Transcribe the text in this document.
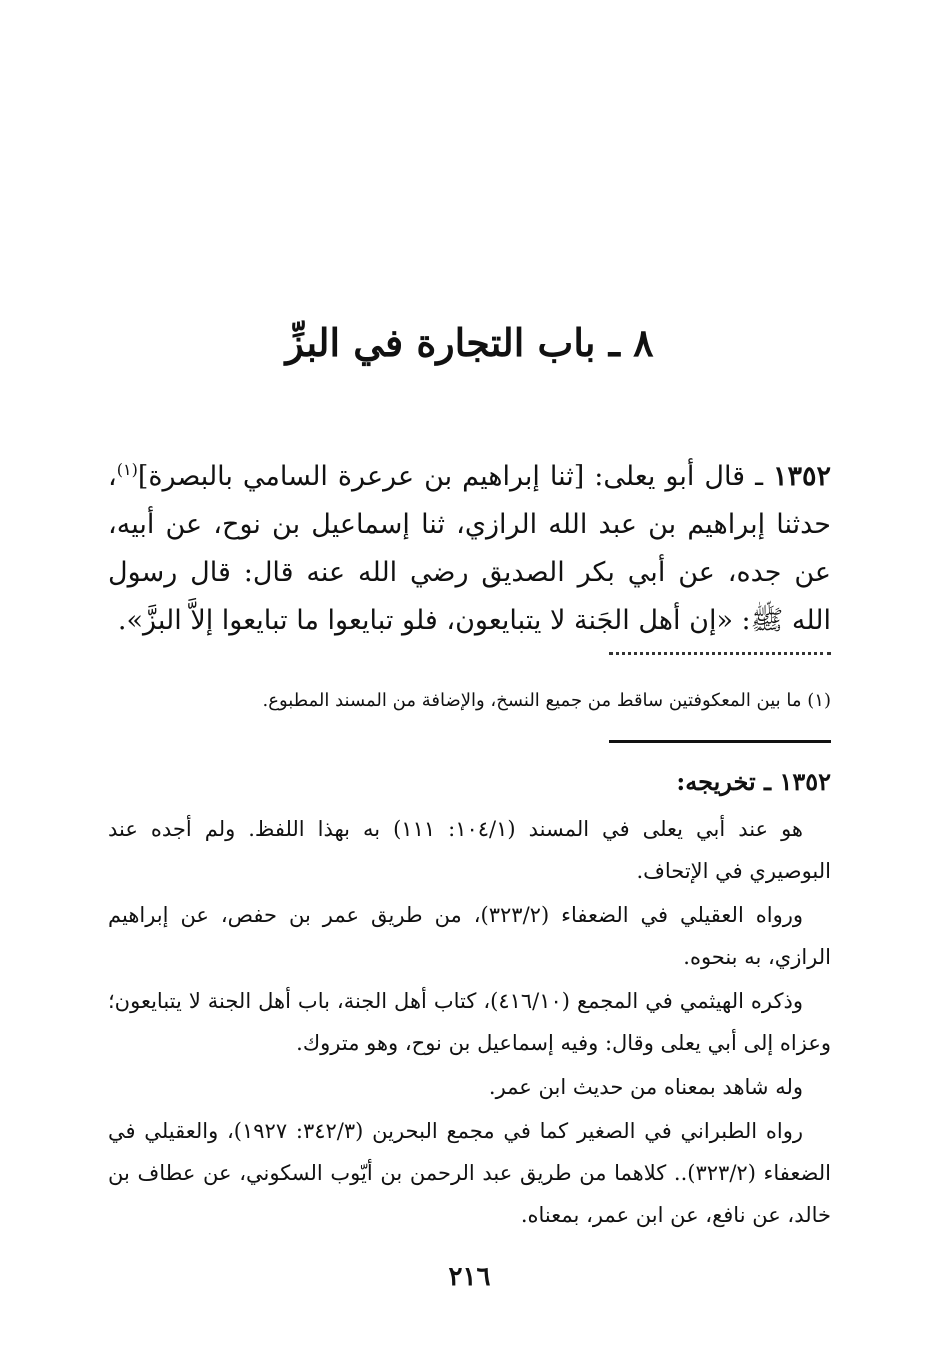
٨ ـ باب التجارة في البزِّ
١٣٥٢ ـ قال أبو يعلى: [ثنا إبراهيم بن عرعرة السامي بالبصرة]$^{(١)}$، حدثنا إبراهيم بن عبد الله الرازي، ثنا إسماعيل بن نوح، عن أبيه، عن جده، عن أبي بكر الصديق رضي الله عنه قال: قال رسول الله ﷺ: «إن أهل الجَنة لا يتبايعون، فلو تبايعوا ما تبايعوا إلاَّ البزَّ».
(١) ما بين المعكوفتين ساقط من جميع النسخ، والإضافة من المسند المطبوع.
١٣٥٢ ـ تخريجه:

هو عند أبي يعلى في المسند (١٠٤/١: ١١١) به بهذا اللفظ. ولم أجده عند البوصيري في الإتحاف.

ورواه العقيلي في الضعفاء (٣٢٣/٢)، من طريق عمر بن حفص، عن إبراهيم الرازي، به بنحوه.

وذكره الهيثمي في المجمع (٤١٦/١٠)، كتاب أهل الجنة، باب أهل الجنة لا يتبايعون؛ وعزاه إلى أبي يعلى وقال: وفيه إسماعيل بن نوح، وهو متروك.

وله شاهد بمعناه من حديث ابن عمر.

رواه الطبراني في الصغير كما في مجمع البحرين (٣٤٢/٣: ١٩٢٧)، والعقيلي في الضعفاء (٣٢٣/٢).. كلاهما من طريق عبد الرحمن بن أيّوب السكوني، عن عطاف بن خالد، عن نافع، عن ابن عمر، بمعناه.

٢١٦
